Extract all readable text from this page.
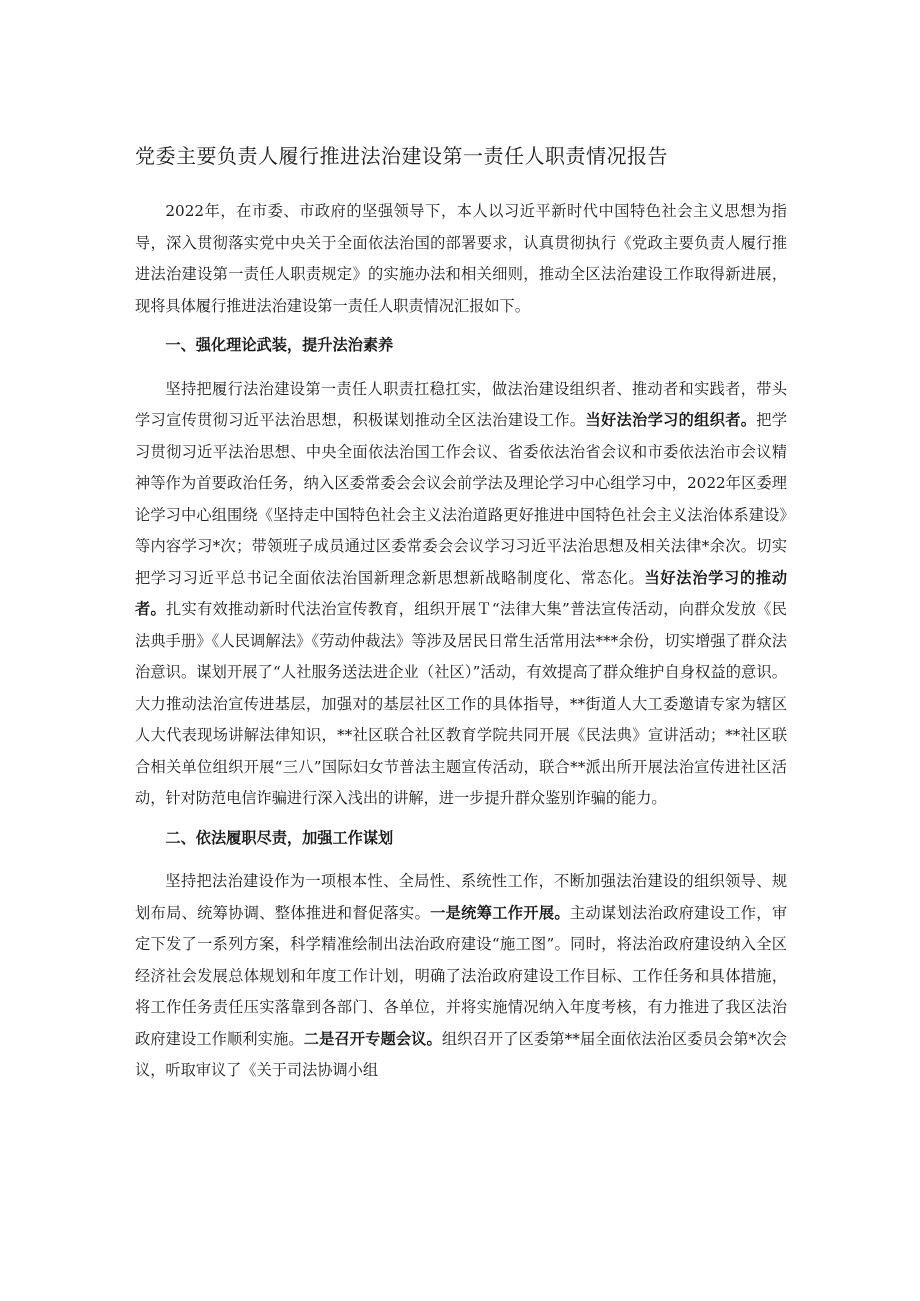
党委主要负责人履行推进法治建设第一责任人职责情况报告

2022年，在市委、市政府的坚强领导下，本人以习近平新时代中国特色社会主义思想为指导，深入贯彻落实党中央关于全面依法治国的部署要求，认真贯彻执行《党政主要负责人履行推进法治建设第一责任人职责规定》的实施办法和相关细则，推动全区法治建设工作取得新进展，现将具体履行推进法治建设第一责任人职责情况汇报如下。

一、强化理论武装，提升法治素养

坚持把履行法治建设第一责任人职责扛稳扛实，做法治建设组织者、推动者和实践者，带头学习宣传贯彻习近平法治思想，积极谋划推动全区法治建设工作。当好法治学习的组织者。把学习贯彻习近平法治思想、中央全面依法治国工作会议、省委依法治省会议和市委依法治市会议精神等作为首要政治任务，纳入区委常委会会议会前学法及理论学习中心组学习中，2022年区委理论学习中心组围绕《坚持走中国特色社会主义法治道路更好推进中国特色社会主义法治体系建设》等内容学习*次；带领班子成员通过区委常委会会议学习习近平法治思想及相关法律*余次。切实把学习习近平总书记全面依法治国新理念新思想新战略制度化、常态化。当好法治学习的推动者。扎实有效推动新时代法治宣传教育，组织开展Ｔ“法律大集”普法宣传活动，向群众发放《民法典手册》《人民调解法》《劳动仲裁法》等涉及居民日常生活常用法***余份，切实增强了群众法治意识。谋划开展了“人社服务送法进企业（社区）”活动，有效提高了群众维护自身权益的意识。大力推动法治宣传进基层，加强对的基层社区工作的具体指导，**街道人大工委邀请专家为辖区人大代表现场讲解法律知识，**社区联合社区教育学院共同开展《民法典》宣讲活动；**社区联合相关单位组织开展“三八”国际妇女节普法主题宣传活动，联合**派出所开展法治宣传进社区活动，针对防范电信诈骗进行深入浅出的讲解，进一步提升群众鉴别诈骗的能力。

二、依法履职尽责，加强工作谋划

坚持把法治建设作为一项根本性、全局性、系统性工作，不断加强法治建设的组织领导、规划布局、统筹协调、整体推进和督促落实。一是统筹工作开展。主动谋划法治政府建设工作，审定下发了一系列方案，科学精准绘制出法治政府建设“施工图”。同时，将法治政府建设纳入全区经济社会发展总体规划和年度工作计划，明确了法治政府建设工作目标、工作任务和具体措施，将工作任务责任压实落靠到各部门、各单位，并将实施情况纳入年度考核，有力推进了我区法治政府建设工作顺利实施。二是召开专题会议。组织召开了区委第**届全面依法治区委员会第*次会议，听取审议了《关于司法协调小组
